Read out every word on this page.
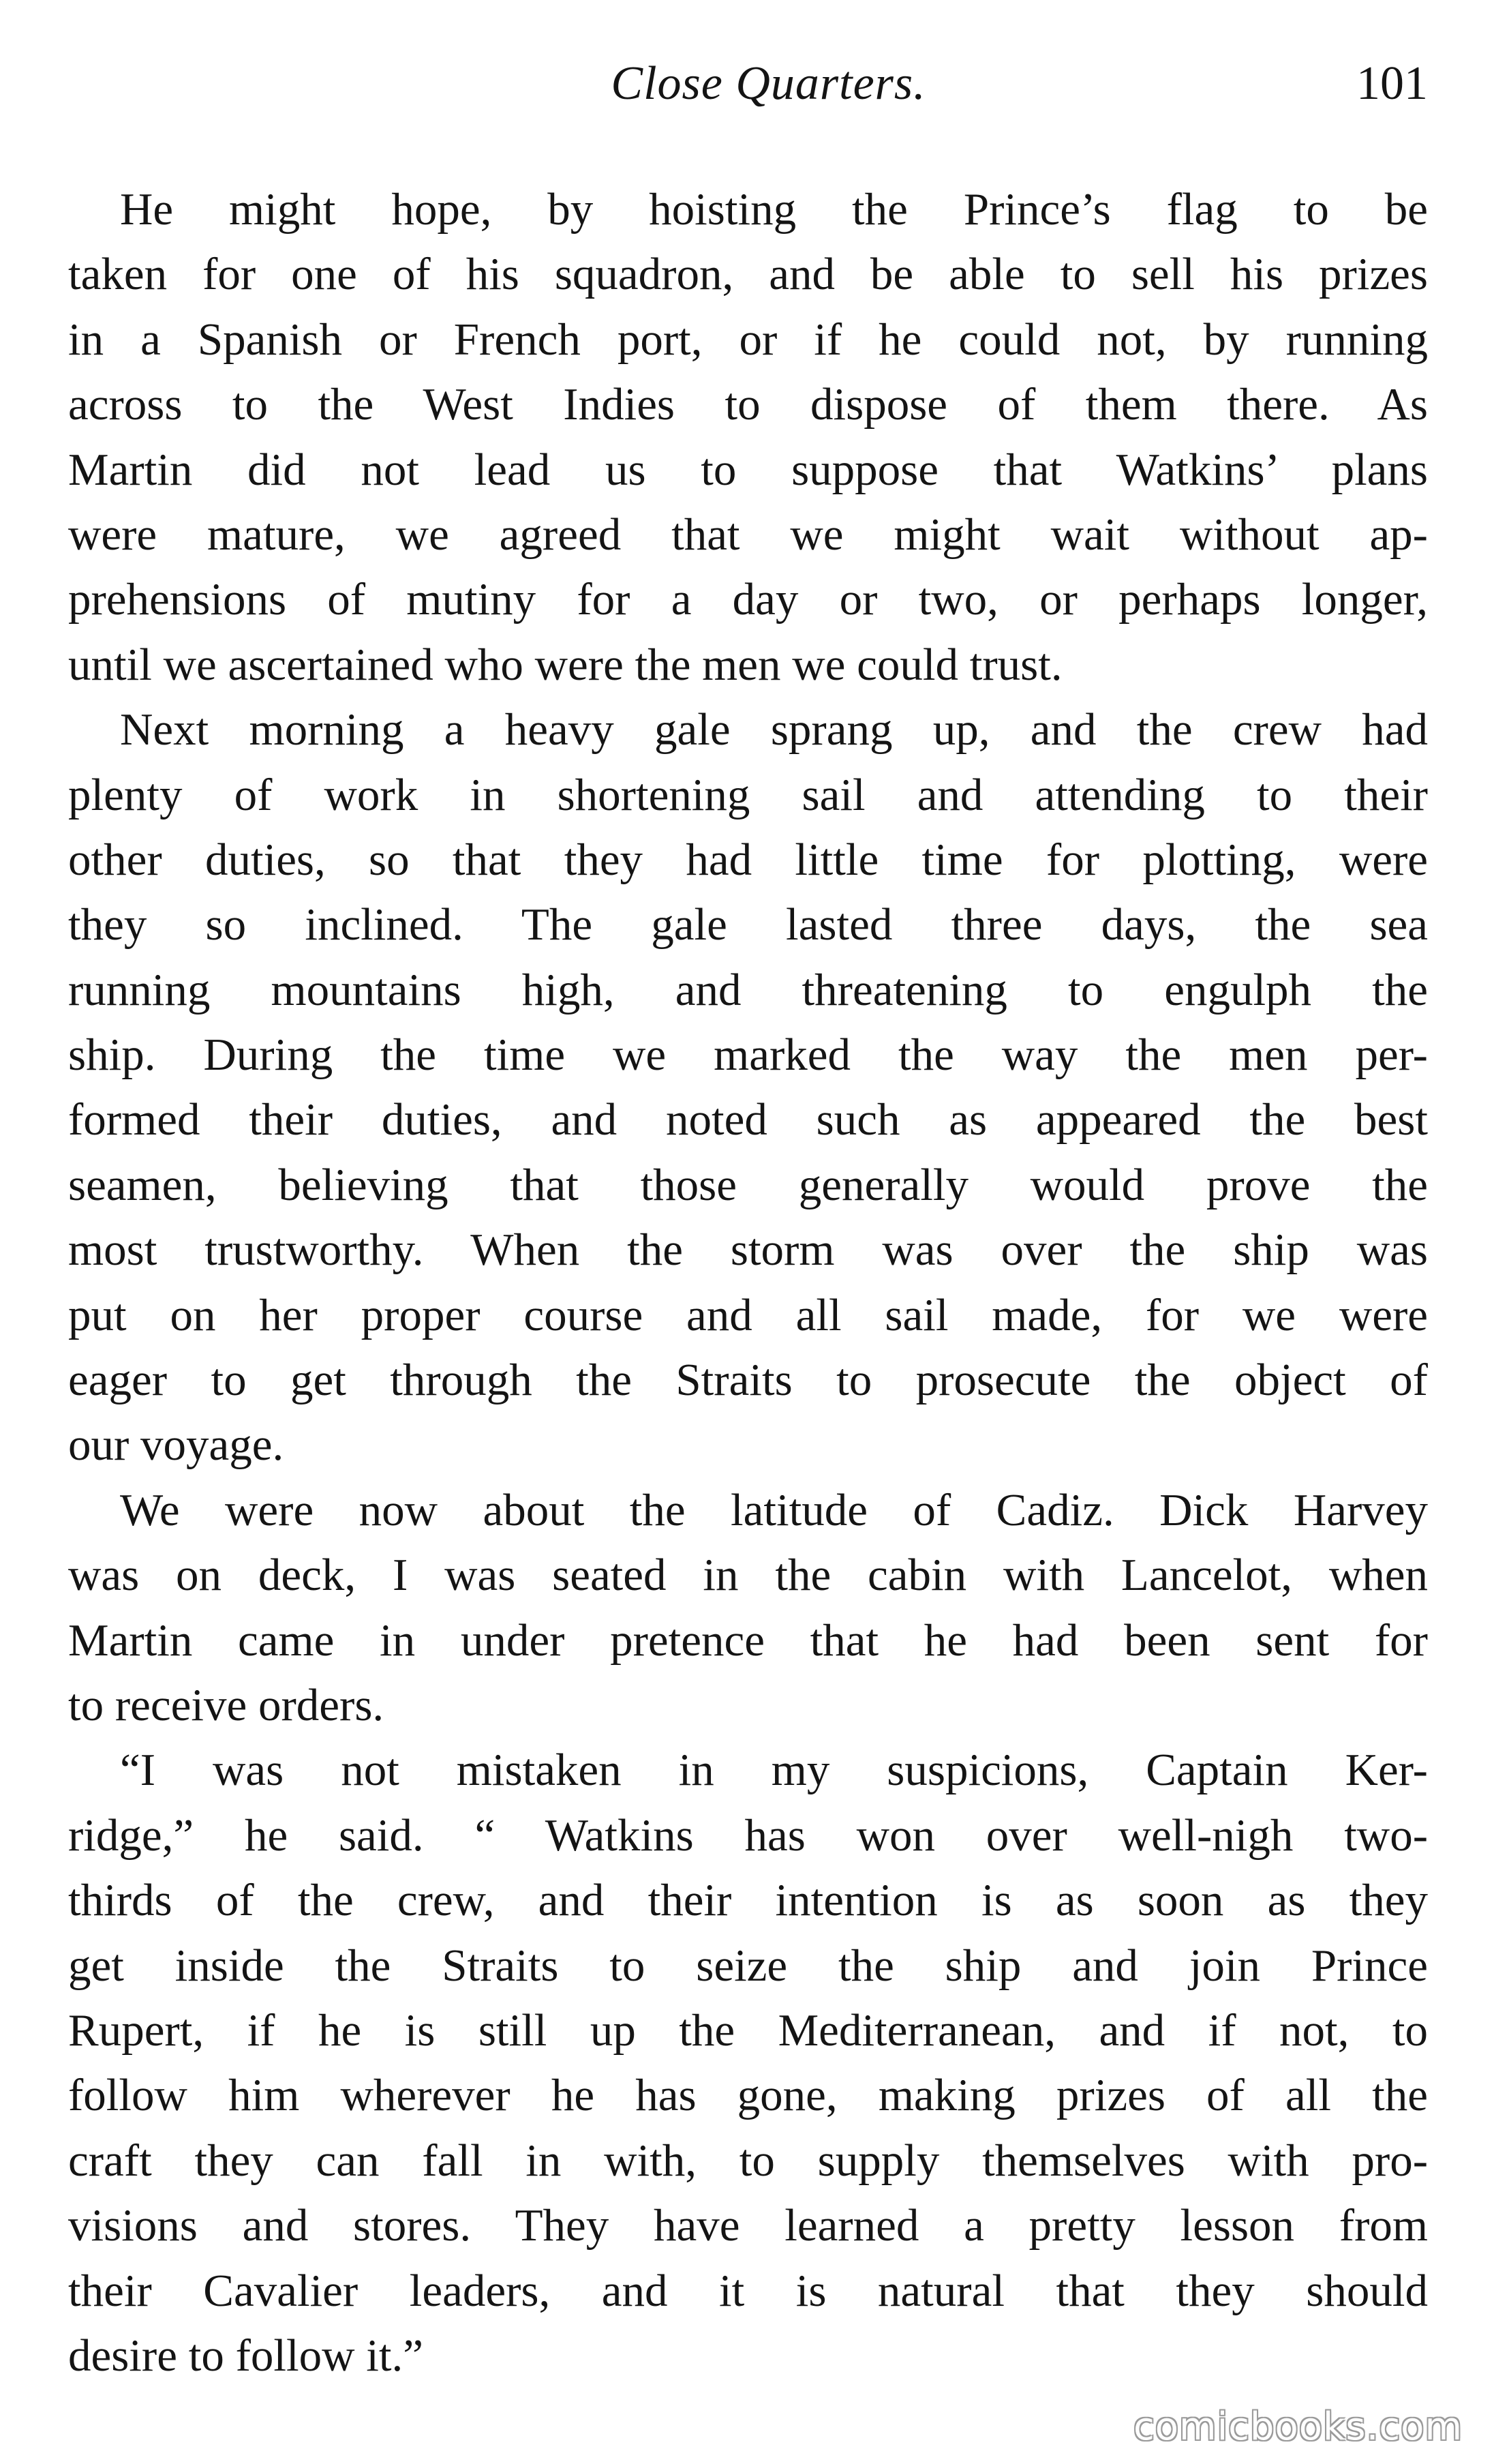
Close Quarters.	101
He might hope, by hoisting the Prince’s flag to be
taken for one of his squadron, and be able to sell his prizes
in a Spanish or French port, or if he could not, by running
across to the West Indies to dispose of them there. As
Martin did not lead us to suppose that Watkins’ plans
were mature, we agreed that we might wait without ap-
prehensions of mutiny for a day or two, or perhaps longer,
until we ascertained who were the men we could trust.
Next morning a heavy gale sprang up, and the crew had
plenty of work in shortening sail and attending to their
other duties, so that they had little time for plotting, were
they so inclined. The gale lasted three days, the sea
running mountains high, and threatening to engulph the
ship. During the time we marked the way the men per-
formed their duties, and noted such as appeared the best
seamen, believing that those generally would prove the
most trustworthy. When the storm was over the ship was
put on her proper course and all sail made, for we were
eager to get through the Straits to prosecute the object of
our voyage.
We were now about the latitude of Cadiz. Dick Harvey
was on deck, I was seated in the cabin with Lancelot, when
Martin came in under pretence that he had been sent for
to receive orders.
“I was not mistaken in my suspicions, Captain Ker-
ridge,” he said. “ Watkins has won over well-nigh two-
thirds of the crew, and their intention is as soon as they
get inside the Straits to seize the ship and join Prince
Rupert, if he is still up the Mediterranean, and if not, to
follow him wherever he has gone, making prizes of all the
craft they can fall in with, to supply themselves with pro-
visions and stores. They have learned a pretty lesson from
their Cavalier leaders, and it is natural that they should
desire to follow it.”
comicbooks.com
